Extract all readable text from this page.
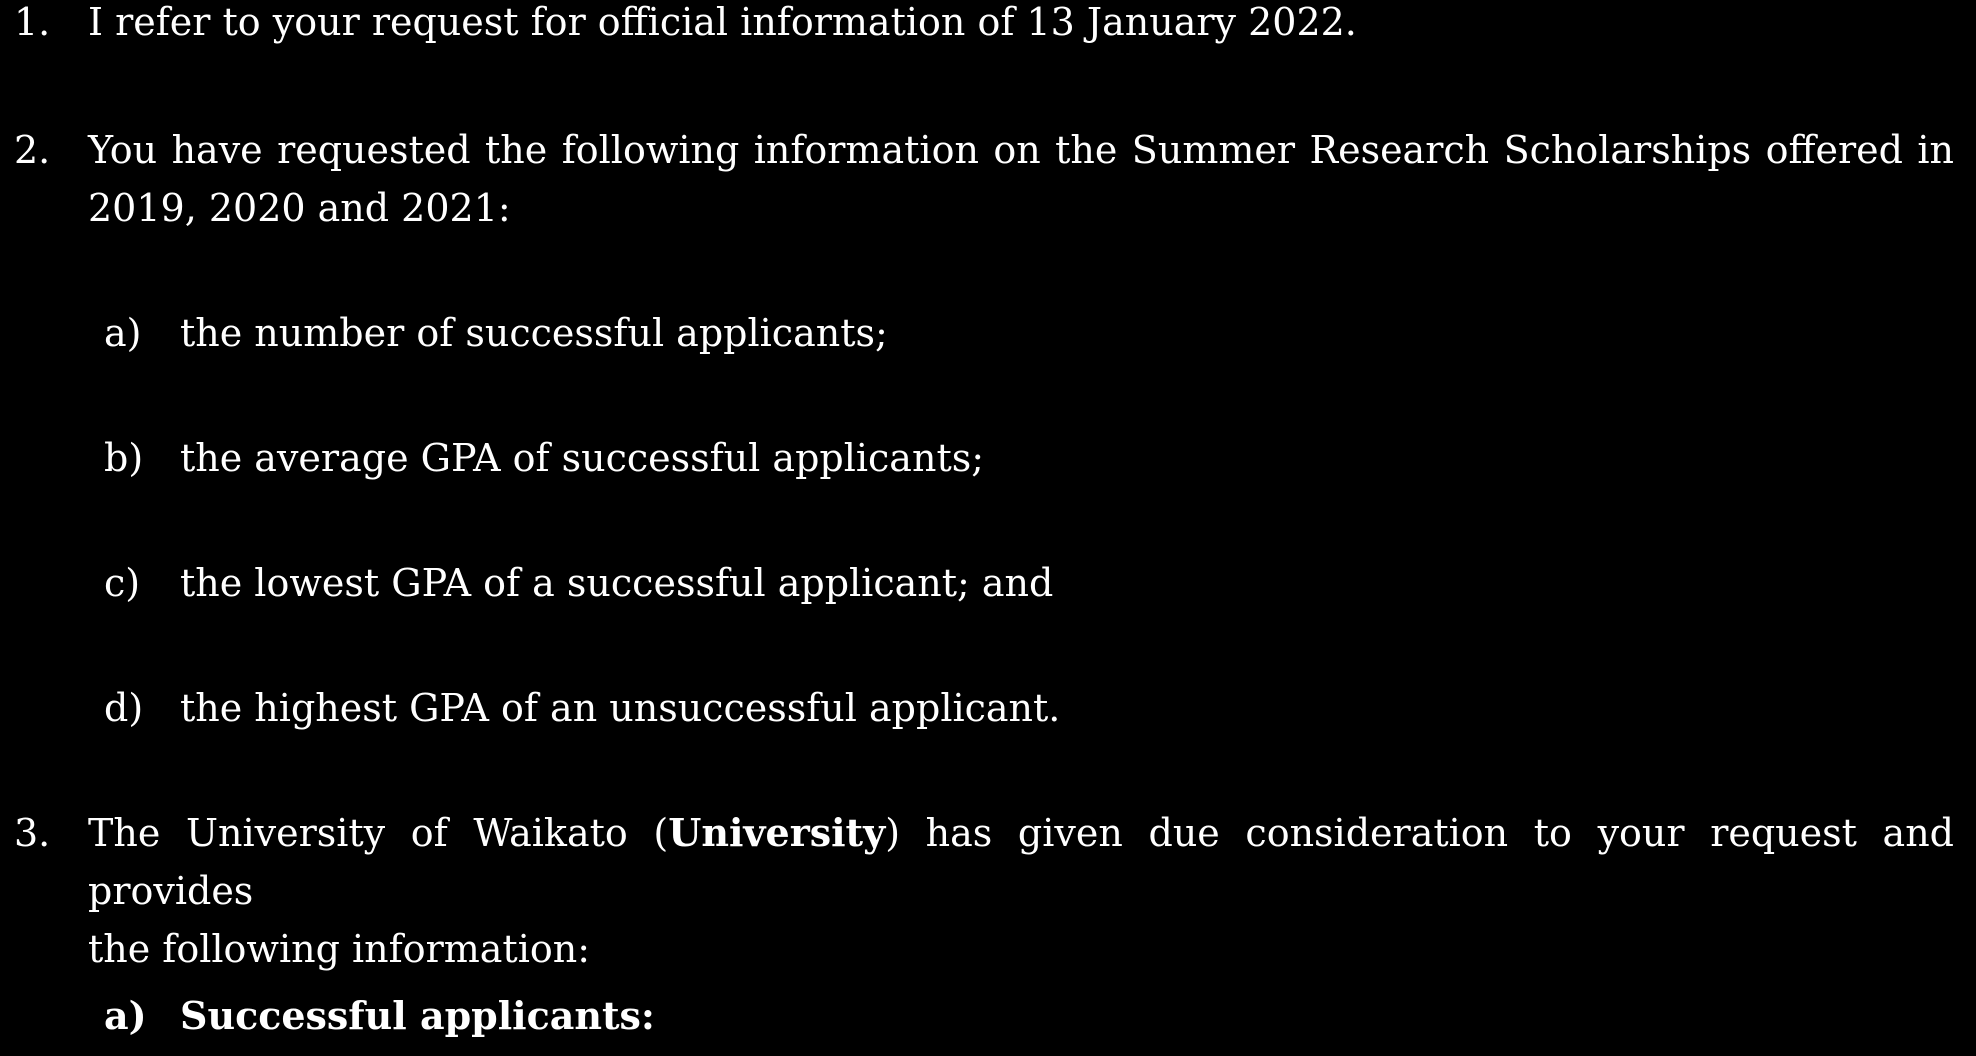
1. I refer to your request for official information of 13 January 2022.
2. You have requested the following information on the Summer Research Scholarships offered in
2019, 2020 and 2021:
a) the number of successful applicants;
b) the average GPA of successful applicants;
c) the lowest GPA of a successful applicant; and
d) the highest GPA of an unsuccessful applicant.
3. The University of Waikato (University) has given due consideration to your request and provides
the following information:
a) Successful applicants:
